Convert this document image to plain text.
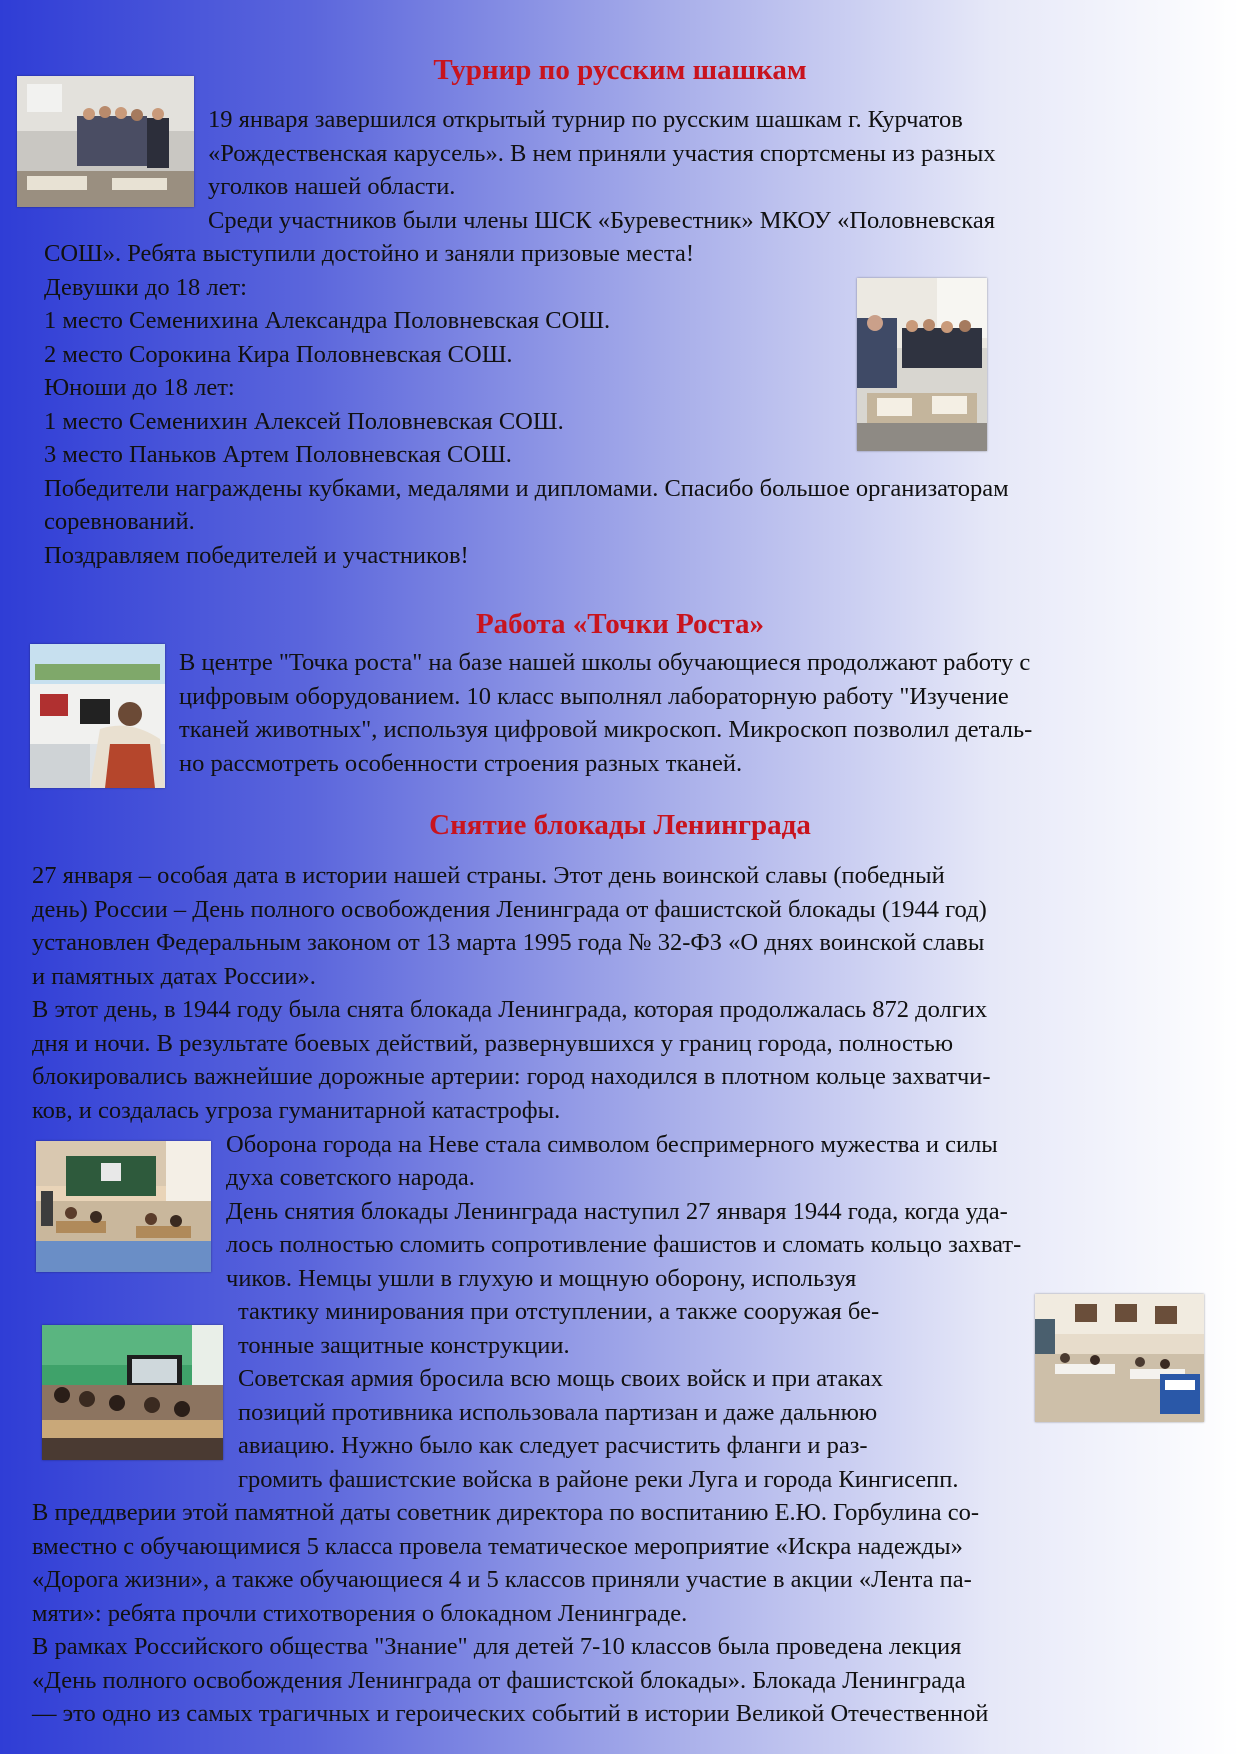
Турнир по русским шашкам

19 января завершился открытый турнир по русским шашкам г. Курчатов

«Рождественская карусель». В нем приняли участия спортсмены из разных

уголков нашей области.

Среди участников были члены ШСК «Буревестник» МКОУ «Половневская

СОШ». Ребята выступили достойно и заняли призовые места!

Девушки до 18 лет:

1 место Семенихина Александра Половневская СОШ.

2 место Сорокина Кира Половневская СОШ.

Юноши до 18 лет:

1 место Семенихин Алексей Половневская СОШ.

3 место Паньков Артем Половневская СОШ.

Победители награждены кубками, медалями и дипломами. Спасибо большое организаторам

соревнований.

Поздравляем победителей и участников!

Работа «Точки Роста»

В центре "Точка роста" на базе нашей школы обучающиеся продолжают работу с

цифровым оборудованием. 10 класс выполнял лабораторную работу "Изучение

тканей животных", используя цифровой микроскоп. Микроскоп позволил деталь-

но рассмотреть особенности строения разных тканей.

Снятие блокады Ленинграда

27 января – особая дата в истории нашей страны. Этот день воинской славы (победный

день) России – День полного освобождения Ленинграда от фашистской блокады (1944 год)

установлен Федеральным законом от 13 марта 1995 года № 32-ФЗ «О днях воинской славы

и памятных датах России».

В этот день, в 1944 году была снята блокада Ленинграда, которая продолжалась 872 долгих

дня и ночи. В результате боевых действий, развернувшихся у границ города, полностью

блокировались важнейшие дорожные артерии: город находился в плотном кольце захватчи-

ков, и создалась угроза гуманитарной катастрофы.

Оборона города на Неве стала символом беспримерного мужества и силы

духа советского народа.

День снятия блокады Ленинграда наступил 27 января 1944 года, когда уда-

лось полностью сломить сопротивление фашистов и сломать кольцо захват-

чиков. Немцы ушли в глухую и мощную оборону, используя

тактику минирования при отступлении, а также сооружая бе-

тонные защитные конструкции.

Советская армия бросила всю мощь своих войск и при атаках

позиций противника использовала партизан и даже дальнюю

авиацию. Нужно было как следует расчистить фланги и раз-

громить фашистские войска в районе реки Луга и города Кингисепп.

В преддверии этой памятной даты советник директора по воспитанию Е.Ю. Горбулина со-

вместно с обучающимися 5 класса провела тематическое мероприятие «Искра надежды»

«Дорога жизни», а также обучающиеся 4 и 5 классов приняли участие в акции «Лента па-

мяти»: ребята прочли стихотворения о блокадном Ленинграде.

В рамках Российского общества "Знание" для детей 7-10 классов была проведена лекция

«День полного освобождения Ленинграда от фашистской блокады». Блокада Ленинграда

— это одно из самых трагичных и героических событий в истории Великой Отечественной
